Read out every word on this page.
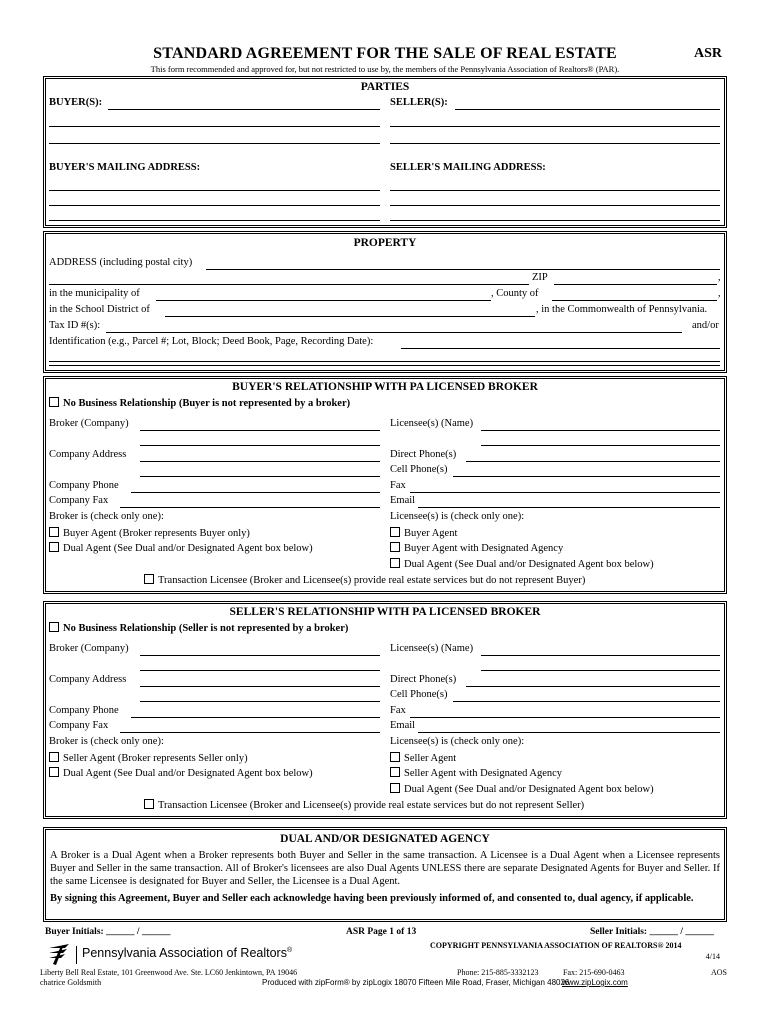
STANDARD AGREEMENT FOR THE SALE OF REAL ESTATE	ASR
This form recommended and approved for, but not restricted to use by, the members of the Pennsylvania Association of Realtors® (PAR).
PARTIES
BUYER(S):	SELLER(S):
BUYER'S MAILING ADDRESS:	SELLER'S MAILING ADDRESS:
PROPERTY
ADDRESS (including postal city)
ZIP	,
in the municipality of	, County of	,
in the School District of	, in the Commonwealth of Pennsylvania.
Tax ID #(s):	and/or
Identification (e.g., Parcel #; Lot, Block; Deed Book, Page, Recording Date):
BUYER'S RELATIONSHIP WITH PA LICENSED BROKER
No Business Relationship (Buyer is not represented by a broker)
Broker (Company)	Licensee(s) (Name)
Company Address	Direct Phone(s)
Cell Phone(s)
Company Phone	Fax
Company Fax	Email
Broker is (check only one):	Licensee(s) is (check only one):
Buyer Agent (Broker represents Buyer only)	Buyer Agent
Dual Agent (See Dual and/or Designated Agent box below)	Buyer Agent with Designated Agency
Dual Agent (See Dual and/or Designated Agent box below)
Transaction Licensee (Broker and Licensee(s) provide real estate services but do not represent Buyer)
SELLER'S RELATIONSHIP WITH PA LICENSED BROKER
No Business Relationship (Seller is not represented by a broker)
Broker (Company)	Licensee(s) (Name)
Company Address	Direct Phone(s)
Cell Phone(s)
Company Phone	Fax
Company Fax	Email
Broker is (check only one):	Licensee(s) is (check only one):
Seller Agent (Broker represents Seller only)	Seller Agent
Dual Agent (See Dual and/or Designated Agent box below)	Seller Agent with Designated Agency
Dual Agent (See Dual and/or Designated Agent box below)
Transaction Licensee (Broker and Licensee(s) provide real estate services but do not represent Seller)
DUAL AND/OR DESIGNATED AGENCY
A Broker is a Dual Agent when a Broker represents both Buyer and Seller in the same transaction. A Licensee is a Dual Agent when a Licensee represents Buyer and Seller in the same transaction. All of Broker's licensees are also Dual Agents UNLESS there are separate Designated Agents for Buyer and Seller. If the same Licensee is designated for Buyer and Seller, the Licensee is a Dual Agent.
By signing this Agreement, Buyer and Seller each acknowledge having been previously informed of, and consented to, dual agency, if applicable.
Buyer Initials: ______ / ______	ASR Page 1 of 13	Seller Initials: ______ / ______
Pennsylvania Association of Realtors®
COPYRIGHT PENNSYLVANIA ASSOCIATION OF REALTORS® 2014
4/14
Liberty Bell Real Estate, 101 Greenwood Ave. Ste. LC60 Jenkintown, PA 19046
chatrice Goldsmith
Phone: 215-885-3332123	Fax: 215-690-0463	AOS
Produced with zipForm® by zipLogix 18070 Fifteen Mile Road, Fraser, Michigan 48026
www.zipLogix.com
